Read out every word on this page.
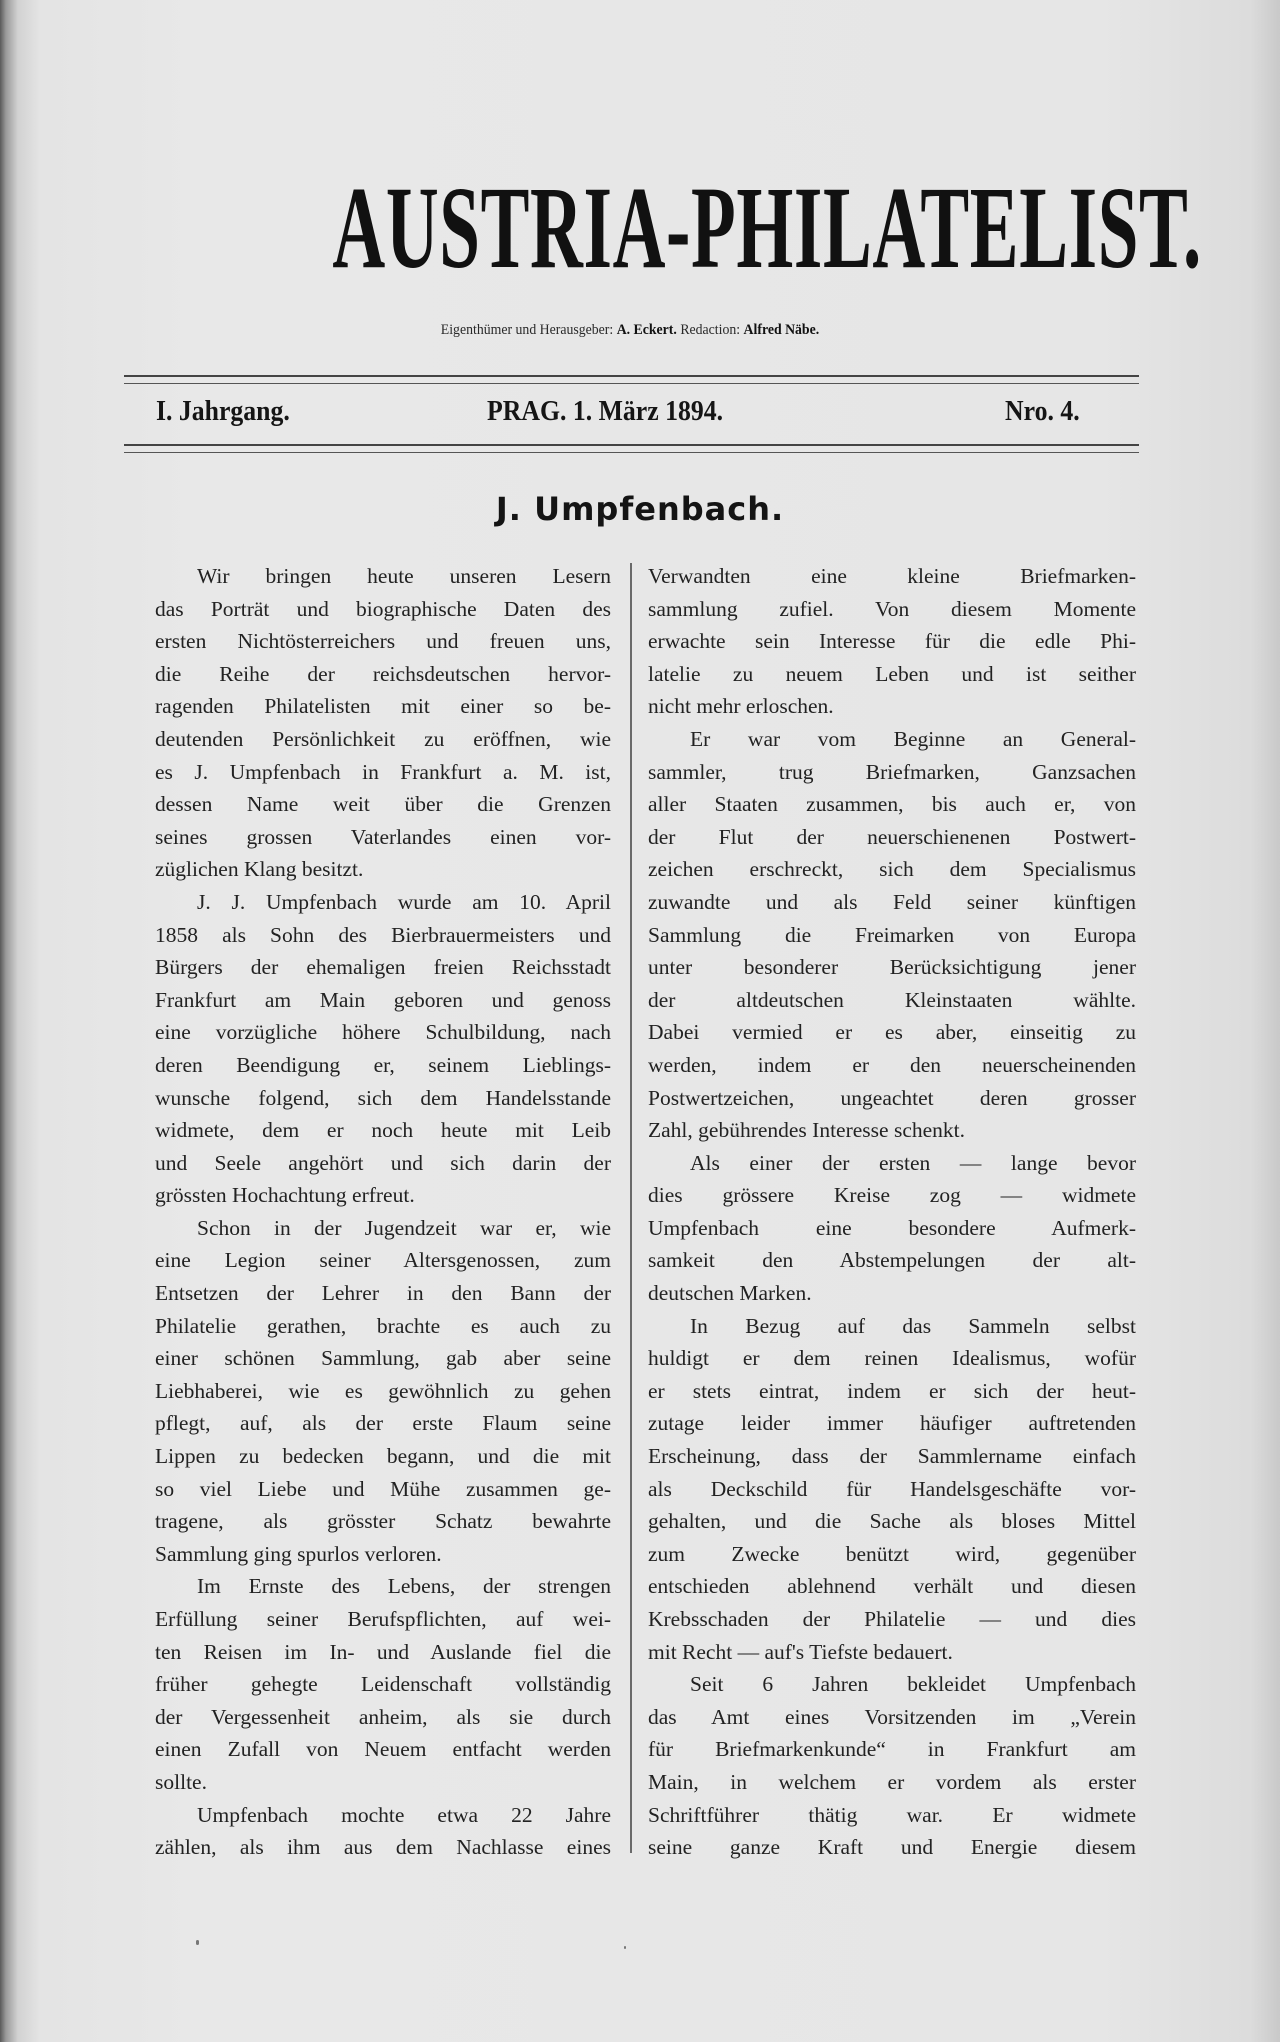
AUSTRIA-PHILATELIST.
Eigenthümer und Herausgeber: A. Eckert. Redaction: Alfred Näbe.
I. Jahrgang.	PRAG. 1. März 1894.	Nro. 4.
J. Umpfenbach.

Wir bringen heute unseren Lesern
das Porträt und biographische Daten des
ersten Nichtösterreichers und freuen uns,
die Reihe der reichsdeutschen hervor-
ragenden Philatelisten mit einer so be-
deutenden Persönlichkeit zu eröffnen, wie
es J. Umpfenbach in Frankfurt a. M. ist,
dessen Name weit über die Grenzen
seines grossen Vaterlandes einen vor-
züglichen Klang besitzt.

J. J. Umpfenbach wurde am 10. April
1858 als Sohn des Bierbrauermeisters und
Bürgers der ehemaligen freien Reichsstadt
Frankfurt am Main geboren und genoss
eine vorzügliche höhere Schulbildung, nach
deren Beendigung er, seinem Lieblings-
wunsche folgend, sich dem Handelsstande
widmete, dem er noch heute mit Leib
und Seele angehört und sich darin der
grössten Hochachtung erfreut.

Schon in der Jugendzeit war er, wie
eine Legion seiner Altersgenossen, zum
Entsetzen der Lehrer in den Bann der
Philatelie gerathen, brachte es auch zu
einer schönen Sammlung, gab aber seine
Liebhaberei, wie es gewöhnlich zu gehen
pflegt, auf, als der erste Flaum seine
Lippen zu bedecken begann, und die mit
so viel Liebe und Mühe zusammen ge-
tragene, als grösster Schatz bewahrte
Sammlung ging spurlos verloren.

Im Ernste des Lebens, der strengen
Erfüllung seiner Berufspflichten, auf wei-
ten Reisen im In- und Auslande fiel die
früher gehegte Leidenschaft vollständig
der Vergessenheit anheim, als sie durch
einen Zufall von Neuem entfacht werden
sollte.

Umpfenbach mochte etwa 22 Jahre
zählen, als ihm aus dem Nachlasse eines

Verwandten eine kleine Briefmarken-
sammlung zufiel. Von diesem Momente
erwachte sein Interesse für die edle Phi-
latelie zu neuem Leben und ist seither
nicht mehr erloschen.

Er war vom Beginne an General-
sammler, trug Briefmarken, Ganzsachen
aller Staaten zusammen, bis auch er, von
der Flut der neuerschienenen Postwert-
zeichen erschreckt, sich dem Specialismus
zuwandte und als Feld seiner künftigen
Sammlung die Freimarken von Europa
unter besonderer Berücksichtigung jener
der altdeutschen Kleinstaaten wählte.
Dabei vermied er es aber, einseitig zu
werden, indem er den neuerscheinenden
Postwertzeichen, ungeachtet deren grosser
Zahl, gebührendes Interesse schenkt.

Als einer der ersten — lange bevor
dies grössere Kreise zog — widmete
Umpfenbach eine besondere Aufmerk-
samkeit den Abstempelungen der alt-
deutschen Marken.

In Bezug auf das Sammeln selbst
huldigt er dem reinen Idealismus, wofür
er stets eintrat, indem er sich der heut-
zutage leider immer häufiger auftretenden
Erscheinung, dass der Sammlername einfach
als Deckschild für Handelsgeschäfte vor-
gehalten, und die Sache als bloses Mittel
zum Zwecke benützt wird, gegenüber
entschieden ablehnend verhält und diesen
Krebsschaden der Philatelie — und dies
mit Recht — auf's Tiefste bedauert.

Seit 6 Jahren bekleidet Umpfenbach
das Amt eines Vorsitzenden im „Verein
für Briefmarkenkunde“ in Frankfurt am
Main, in welchem er vordem als erster
Schriftführer thätig war. Er widmete
seine ganze Kraft und Energie diesem
